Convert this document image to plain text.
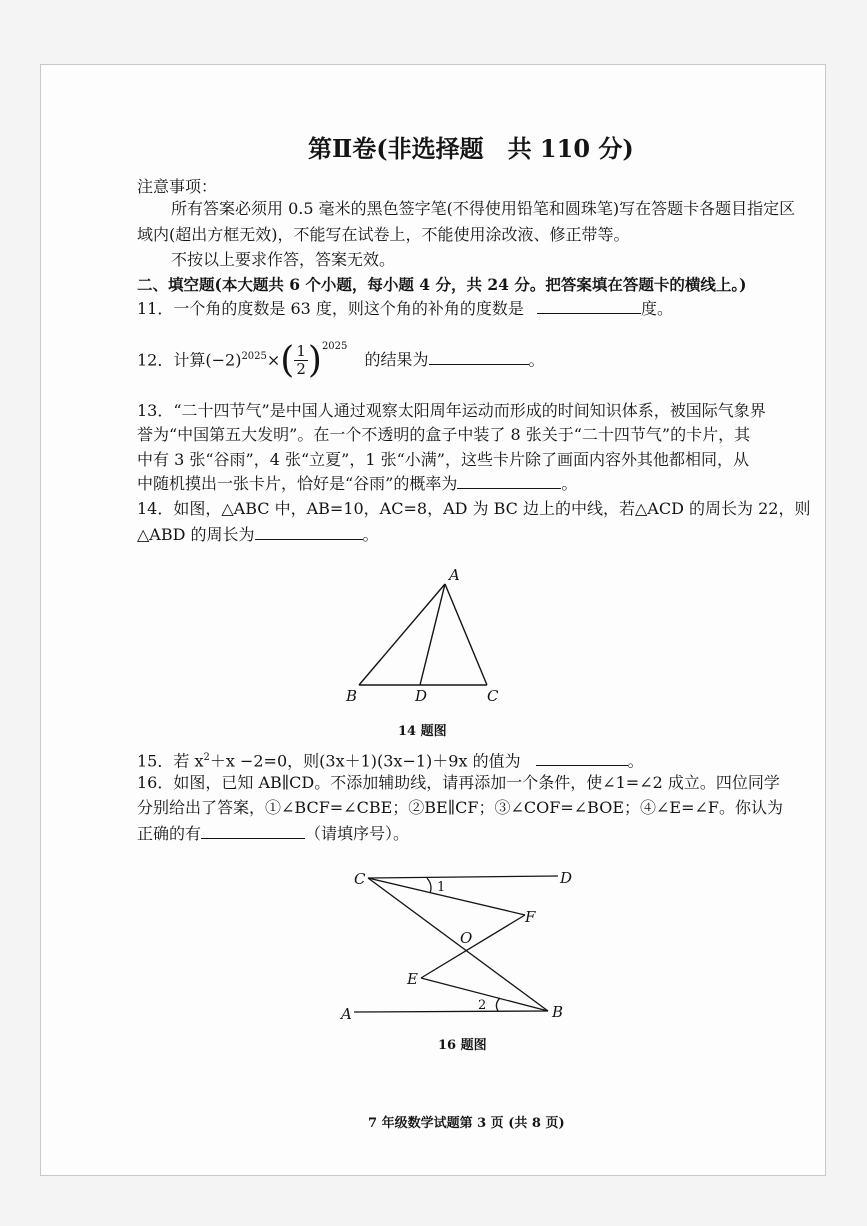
第Ⅱ卷(非选择题　共 110 分)
注意事项：
所有答案必须用 0.5 毫米的黑色签字笔(不得使用铅笔和圆珠笔)写在答题卡各题目指定区
域内(超出方框无效)，不能写在试卷上，不能使用涂改液、修正带等。
不按以上要求作答，答案无效。
二、填空题(本大题共 6 个小题，每小题 4 分，共 24 分。把答案填在答题卡的横线上。)
11．一个角的度数是 63 度，则这个角的补角的度数是	度。
12．计算$(-2)^{2025}\times( \frac{1}{2} )^{2025}$ 的结果为	。
13．“二十四节气”是中国人通过观察太阳周年运动而形成的时间知识体系，被国际气象界
誉为“中国第五大发明”。在一个不透明的盒子中装了 8 张关于“二十四节气”的卡片，其
中有 3 张“谷雨”，4 张“立夏”，1 张“小满”，这些卡片除了画面内容外其他都相同，从
中随机摸出一张卡片，恰好是“谷雨”的概率为	。
14．如图，△ABC 中，AB=10，AC=8，AD 为 BC 边上的中线，若△ACD 的周长为 22，则
△ABD 的周长为	。
A
B	D	C
14 题图
15．若 $x^2+x -2=0$，则(3x＋1)(3x−1)＋9x 的值为	。
16．如图，已知 AB∥CD。不添加辅助线，请再添加一个条件，使∠1=∠2 成立。四位同学
分别给出了答案，①∠BCF=∠CBE；②BE∥CF；③∠COF=∠BOE；④∠E=∠F。你认为
正确的有	（请填序号）。
C	D
F
O
E
A	B
1
2
16 题图
7 年级数学试题第 3 页 (共 8 页)
